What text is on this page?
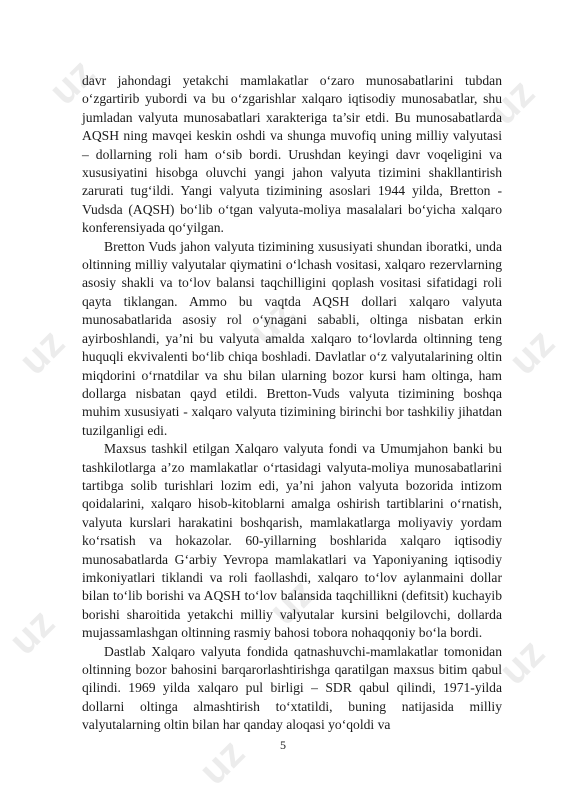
uz	uz
uz	uz	uz
uz	uz
uz
uz

davr jahondagi yetakchi mamlakatlar o‘zaro munosabatlarini tubdan o‘zgartirib yubordi va bu o‘zgarishlar xalqaro iqtisodiy munosabatlar, shu jumladan valyuta munosabatlari xarakteriga ta’sir etdi. Bu munosabatlarda AQSH ning mavqei keskin oshdi va shunga muvofiq uning milliy valyutasi – dollarning roli ham o‘sib bordi. Urushdan keyingi davr voqeligini va xususiyatini hisobga oluvchi yangi jahon valyuta tizimini shakllantirish zarurati tug‘ildi. Yangi valyuta tizimining asoslari 1944 yilda, Bretton - Vudsda (AQSH) bo‘lib o‘tgan valyuta-moliya masalalari bo‘yicha xalqaro konferensiyada qo‘yilgan.

Bretton Vuds jahon valyuta tizimining xususiyati shundan iboratki, unda oltinning milliy valyutalar qiymatini o‘lchash vositasi, xalqaro rezervlarning asosiy shakli va to‘lov balansi taqchilligini qoplash vositasi sifatidagi roli qayta tiklangan. Ammo bu vaqtda AQSH dollari xalqaro valyuta munosabatlarida asosiy rol o‘ynagani sababli, oltinga nisbatan erkin ayirboshlandi, ya’ni bu valyuta amalda xalqaro to‘lovlarda oltinning teng huquqli ekvivalenti bo‘lib chiqa boshladi. Davlatlar o‘z valyutalarining oltin miqdorini o‘rnatdilar va shu bilan ularning bozor kursi ham oltinga, ham dollarga nisbatan qayd etildi. Bretton-Vuds valyuta tizimining boshqa muhim xususiyati - xalqaro valyuta tizimining birinchi bor tashkiliy jihatdan tuzilganligi edi.

Maxsus tashkil etilgan Xalqaro valyuta fondi va Umumjahon banki bu tashkilotlarga a’zo mamlakatlar o‘rtasidagi valyuta-moliya munosabatlarini tartibga solib turishlari lozim edi, ya’ni jahon valyuta bozorida intizom qoidalarini, xalqaro hisob-kitoblarni amalga oshirish tartiblarini o‘rnatish, valyuta kurslari harakatini boshqarish, mamlakatlarga moliyaviy yordam ko‘rsatish va hokazolar. 60-yillarning boshlarida xalqaro iqtisodiy munosabatlarda G‘arbiy Yevropa mamlakatlari va Yaponiyaning iqtisodiy imkoniyatlari tiklandi va roli faollashdi, xalqaro to‘lov aylanmaini dollar bilan to‘lib borishi va AQSH to‘lov balansida taqchillikni (defitsit) kuchayib borishi sharoitida yetakchi milliy valyutalar kursini belgilovchi, dollarda mujassamlashgan oltinning rasmiy bahosi tobora nohaqqoniy bo‘la bordi.

Dastlab Xalqaro valyuta fondida qatnashuvchi-mamlakatlar tomonidan oltinning bozor bahosini barqarorlashtirishga qaratilgan maxsus bitim qabul qilindi. 1969 yilda xalqaro pul birligi – SDR qabul qilindi, 1971-yilda dollarni oltinga almashtirish to‘xtatildi, buning natijasida milliy valyutalarning oltin bilan har qanday aloqasi yo‘qoldi va

5
